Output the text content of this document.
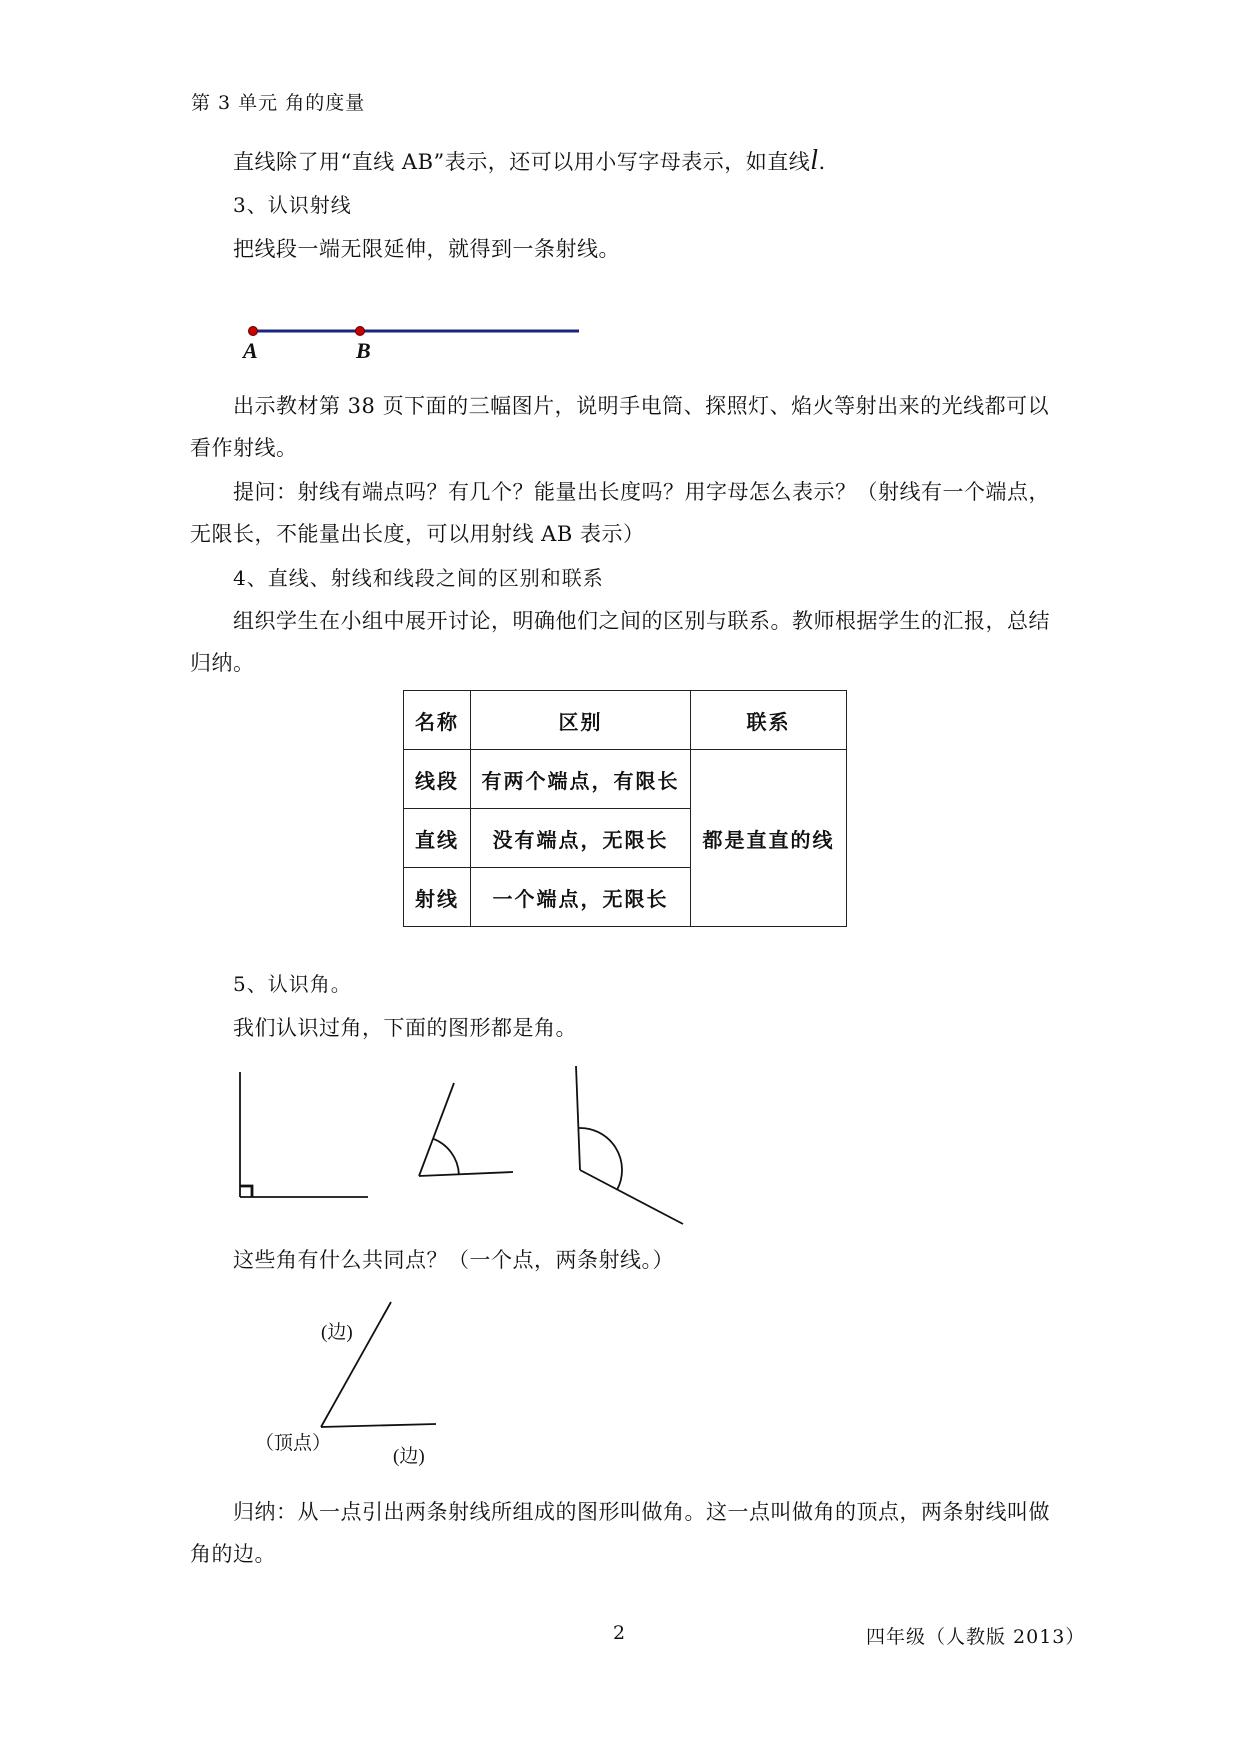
第 3 单元 角的度量
直线除了用“直线 AB”表示，还可以用小写字母表示，如直线l.
3、认识射线
把线段一端无限延伸，就得到一条射线。
A	B
出示教材第 38 页下面的三幅图片，说明手电筒、探照灯、焰火等射出来的光线都可以
看作射线。
提问：射线有端点吗？有几个？能量出长度吗？用字母怎么表示？（射线有一个端点，
无限长，不能量出长度，可以用射线 AB 表示）
4、直线、射线和线段之间的区别和联系
组织学生在小组中展开讨论，明确他们之间的区别与联系。教师根据学生的汇报，总结
归纳。
名称	区别	联系
线段	有两个端点，有限长	都是直直的线
直线	没有端点，无限长	
射线	一个端点，无限长	
5、认识角。
我们认识过角，下面的图形都是角。
这些角有什么共同点？（一个点，两条射线。）
(边)
（顶点）
(边)
归纳：从一点引出两条射线所组成的图形叫做角。这一点叫做角的顶点，两条射线叫做
角的边。
2	四年级（人教版 2013）
